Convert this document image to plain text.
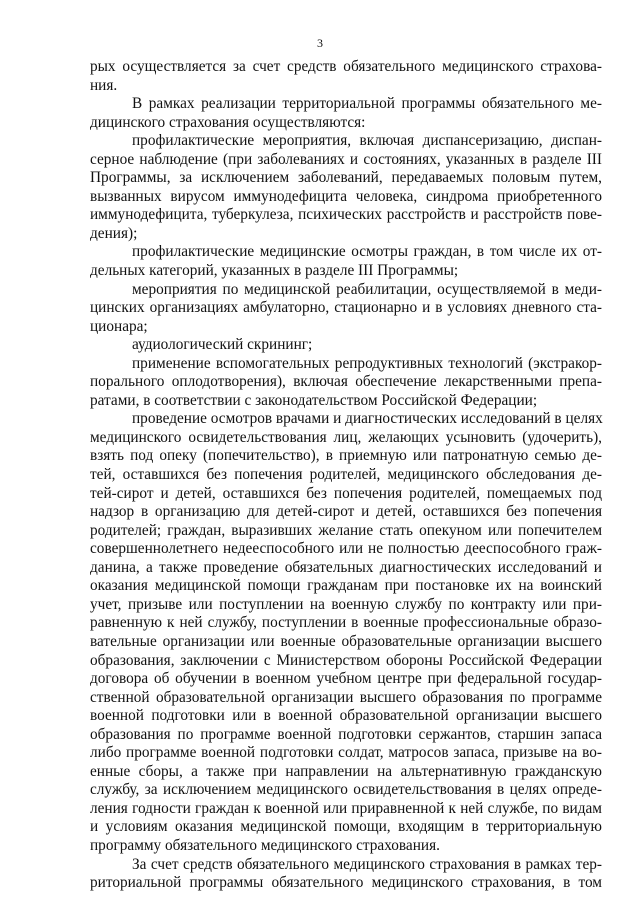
3
рых осуществляется за счет средств обязательного медицинского страхова-
ния.
В рамках реализации территориальной программы обязательного ме-
дицинского страхования осуществляются:
профилактические мероприятия, включая диспансеризацию, диспан-
серное наблюдение (при заболеваниях и состояниях, указанных в разделе III
Программы, за исключением заболеваний, передаваемых половым путем,
вызванных вирусом иммунодефицита человека, синдрома приобретенного
иммунодефицита, туберкулеза, психических расстройств и расстройств пове-
дения);
профилактические медицинские осмотры граждан, в том числе их от-
дельных категорий, указанных в разделе III Программы;
мероприятия по медицинской реабилитации, осуществляемой в меди-
цинских организациях амбулаторно, стационарно и в условиях дневного ста-
ционара;
аудиологический скрининг;
применение вспомогательных репродуктивных технологий (экстракор-
порального оплодотворения), включая обеспечение лекарственными препа-
ратами, в соответствии с законодательством Российской Федерации;
проведение осмотров врачами и диагностических исследований в целях
медицинского освидетельствования лиц, желающих усыновить (удочерить),
взять под опеку (попечительство), в приемную или патронатную семью де-
тей, оставшихся без попечения родителей, медицинского обследования де-
тей-сирот и детей, оставшихся без попечения родителей, помещаемых под
надзор в организацию для детей-сирот и детей, оставшихся без попечения
родителей; граждан, выразивших желание стать опекуном или попечителем
совершеннолетнего недееспособного или не полностью дееспособного граж-
данина, а также проведение обязательных диагностических исследований и
оказания медицинской помощи гражданам при постановке их на воинский
учет, призыве или поступлении на военную службу по контракту или при-
равненную к ней службу, поступлении в военные профессиональные образо-
вательные организации или военные образовательные организации высшего
образования, заключении с Министерством обороны Российской Федерации
договора об обучении в военном учебном центре при федеральной государ-
ственной образовательной организации высшего образования по программе
военной подготовки или в военной образовательной организации высшего
образования по программе военной подготовки сержантов, старшин запаса
либо программе военной подготовки солдат, матросов запаса, призыве на во-
енные сборы, а также при направлении на альтернативную гражданскую
службу, за исключением медицинского освидетельствования в целях опреде-
ления годности граждан к военной или приравненной к ней службе, по видам
и условиям оказания медицинской помощи, входящим в территориальную
программу обязательного медицинского страхования.
За счет средств обязательного медицинского страхования в рамках тер-
риториальной программы обязательного медицинского страхования, в том
